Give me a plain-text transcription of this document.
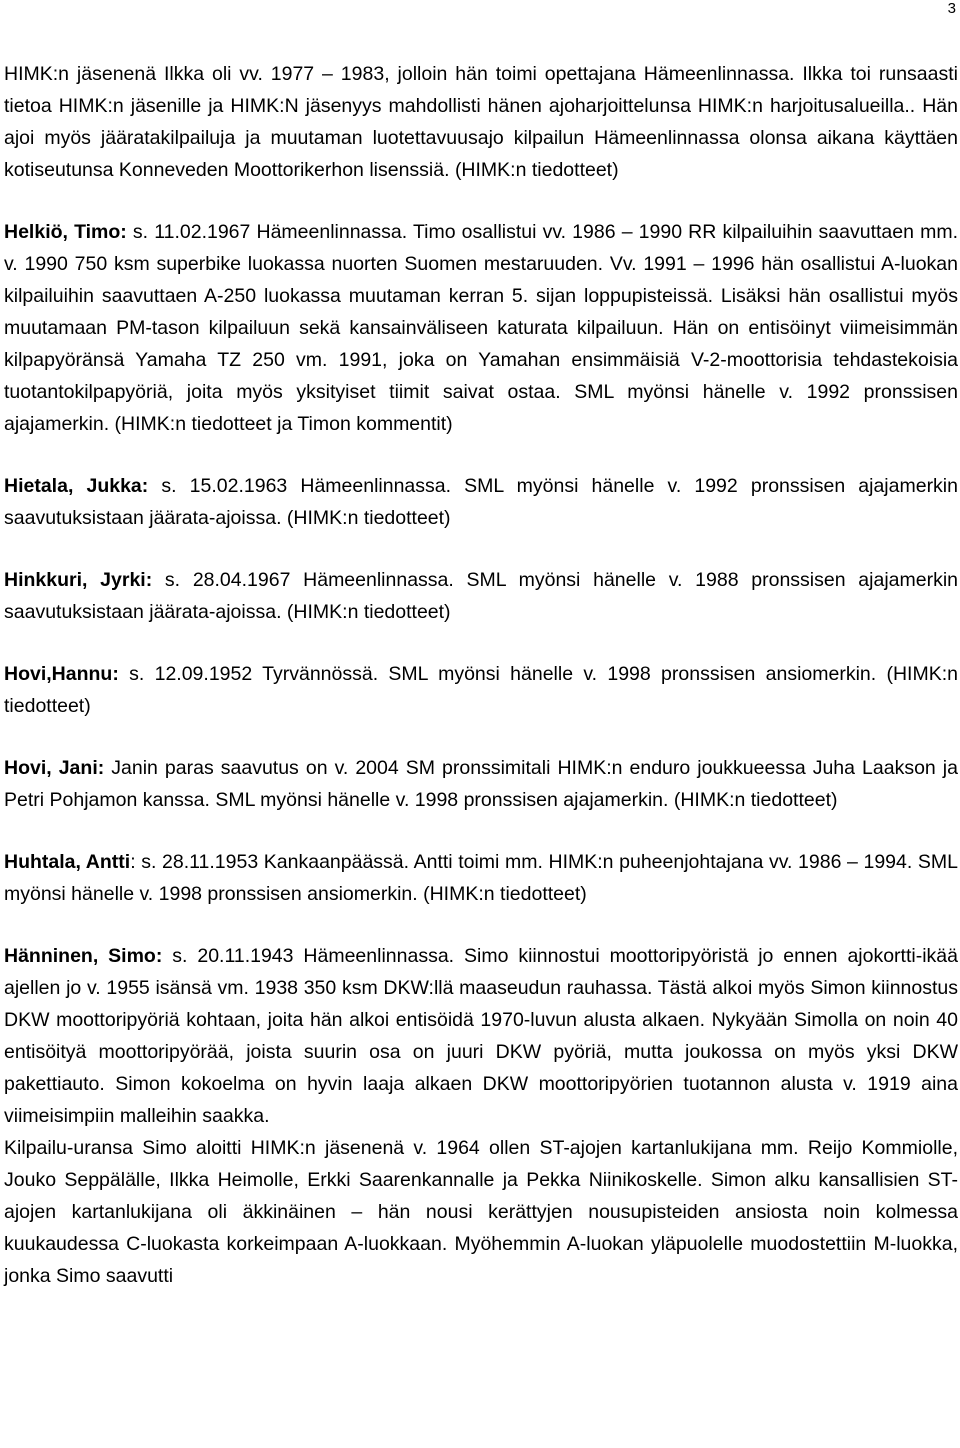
3

HIMK:n jäsenenä Ilkka oli vv. 1977 – 1983, jolloin hän toimi opettajana Hämeenlinnassa. Ilkka toi runsaasti tietoa HIMK:n jäsenille ja HIMK:N jäsenyys mahdollisti hänen ajoharjoittelunsa HIMK:n harjoitusalueilla.. Hän ajoi myös jääratakilpailuja ja muutaman luotettavuusajo kilpailun Hämeenlinnassa olonsa aikana käyttäen kotiseutunsa Konneveden Moottorikerhon lisenssiä. (HIMK:n tiedotteet)

Helkiö, Timo: s. 11.02.1967 Hämeenlinnassa. Timo osallistui vv. 1986 – 1990 RR kilpailuihin saavuttaen mm. v. 1990 750 ksm superbike luokassa nuorten Suomen mestaruuden. Vv. 1991 – 1996 hän osallistui A-luokan kilpailuihin saavuttaen A-250 luokassa muutaman kerran 5. sijan loppupisteissä. Lisäksi hän osallistui myös muutamaan PM-tason kilpailuun sekä kansainväliseen katurata kilpailuun. Hän on entisöinyt viimeisimmän kilpapyöränsä Yamaha TZ 250 vm. 1991, joka on Yamahan ensimmäisiä V-2-moottorisia tehdastekoisia tuotantokilpapyöriä, joita myös yksityiset tiimit saivat ostaa. SML myönsi hänelle v. 1992 pronssisen ajajamerkin. (HIMK:n tiedotteet ja Timon kommentit)

Hietala, Jukka: s. 15.02.1963 Hämeenlinnassa. SML myönsi hänelle v. 1992 pronssisen ajajamerkin saavutuksistaan jäärata-ajoissa. (HIMK:n tiedotteet)

Hinkkuri, Jyrki: s. 28.04.1967 Hämeenlinnassa. SML myönsi hänelle v. 1988 pronssisen ajajamerkin saavutuksistaan jäärata-ajoissa. (HIMK:n tiedotteet)

Hovi,Hannu: s. 12.09.1952 Tyrvännössä. SML myönsi hänelle v. 1998 pronssisen ansiomerkin. (HIMK:n tiedotteet)

Hovi, Jani: Janin paras saavutus on v. 2004 SM pronssimitali HIMK:n enduro joukkueessa Juha Laakson ja Petri Pohjamon kanssa. SML myönsi hänelle v. 1998 pronssisen ajajamerkin. (HIMK:n tiedotteet)

Huhtala, Antti: s. 28.11.1953 Kankaanpäässä. Antti toimi mm. HIMK:n puheenjohtajana vv. 1986 – 1994. SML myönsi hänelle v. 1998 pronssisen ansiomerkin. (HIMK:n tiedotteet)

Hänninen, Simo: s. 20.11.1943 Hämeenlinnassa. Simo kiinnostui moottoripyöristä jo ennen ajokortti-ikää ajellen jo v. 1955 isänsä vm. 1938 350 ksm DKW:llä maaseudun rauhassa. Tästä alkoi myös Simon kiinnostus DKW moottoripyöriä kohtaan, joita hän alkoi entisöidä 1970-luvun alusta alkaen. Nykyään Simolla on noin 40 entisöityä moottoripyörää, joista suurin osa on juuri DKW pyöriä, mutta joukossa on myös yksi DKW pakettiauto. Simon kokoelma on hyvin laaja alkaen DKW moottoripyörien tuotannon alusta v. 1919 aina viimeisimpiin malleihin saakka.

Kilpailu-uransa Simo aloitti HIMK:n jäsenenä v. 1964 ollen ST-ajojen kartanlukijana mm. Reijo Kommiolle, Jouko Seppälälle, Ilkka Heimolle, Erkki Saarenkannalle ja Pekka Niinikoskelle. Simon alku kansallisien ST-ajojen kartanlukijana oli äkkinäinen – hän nousi kerättyjen nousupisteiden ansiosta noin kolmessa kuukaudessa C-luokasta korkeimpaan A-luokkaan. Myöhemmin A-luokan yläpuolelle muodostettiin M-luokka, jonka Simo saavutti
